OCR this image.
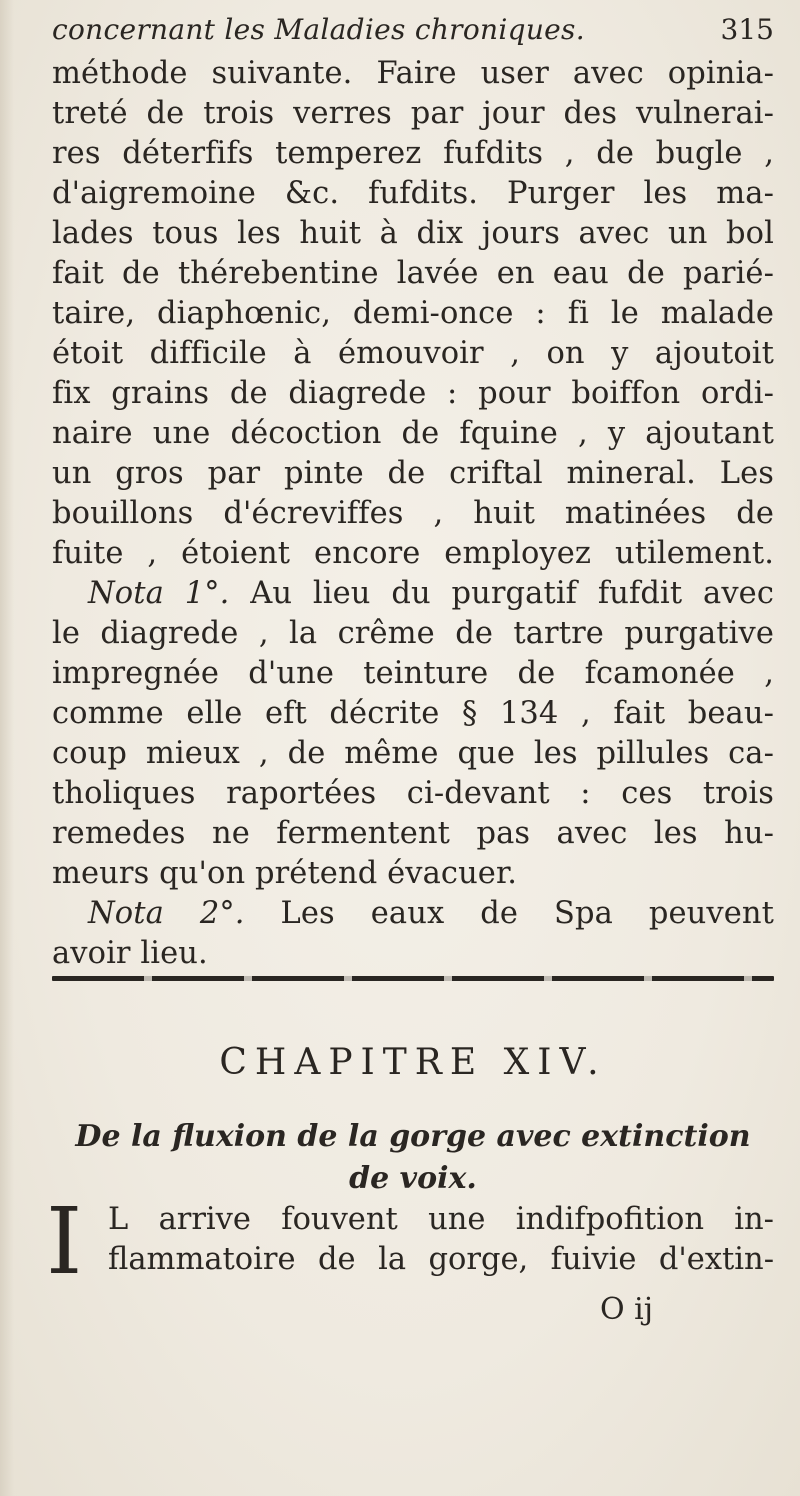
concernant les Maladies chroniques.	315
méthode suivante. Faire user avec opinia-
treté de trois verres par jour des vulnerai-
res déterfifs temperez fufdits , de bugle ,
d'aigremoine &c. fufdits. Purger les ma-
lades tous les huit à dix jours avec un bol
fait de thérebentine lavée en eau de parié-
taire, diaphœnic, demi-once : fi le malade
étoit difficile à émouvoir , on y ajoutoit
fix grains de diagrede : pour boiffon ordi-
naire une décoction de fquine , y ajoutant
un gros par pinte de criftal mineral. Les
bouillons d'écreviffes , huit matinées de
fuite , étoient encore employez utilement.
Nota 1°. Au lieu du purgatif fufdit avec
le diagrede , la crême de tartre purgative
impregnée d'une teinture de fcamonée ,
comme elle eft décrite § 134 , fait beau-
coup mieux , de même que les pillules ca-
tholiques raportées ci-devant : ces trois
remedes ne fermentent pas avec les hu-
meurs qu'on prétend évacuer.
Nota 2°. Les eaux de Spa peuvent
avoir lieu.
CHAPITRE XIV.
De la fluxion de la gorge avec extinction
de voix.
I L arrive fouvent une indifpofition in-
flammatoire de la gorge, fuivie d'extin-
O ij
